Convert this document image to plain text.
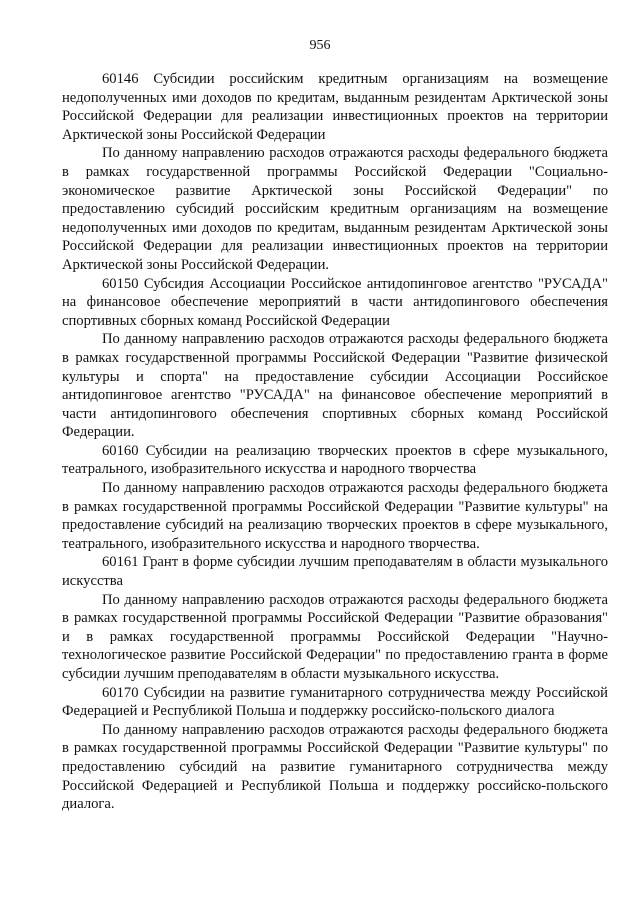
956

60146 Субсидии российским кредитным организациям на возмещение недополученных ими доходов по кредитам, выданным резидентам Арктической зоны Российской Федерации для реализации инвестиционных проектов на территории Арктической зоны Российской Федерации

По данному направлению расходов отражаются расходы федерального бюджета в рамках государственной программы Российской Федерации "Социально-экономическое развитие Арктической зоны Российской Федерации" по предоставлению субсидий российским кредитным организациям на возмещение недополученных ими доходов по кредитам, выданным резидентам Арктической зоны Российской Федерации для реализации инвестиционных проектов на территории Арктической зоны Российской Федерации.

60150 Субсидия Ассоциации Российское антидопинговое агентство "РУСАДА" на финансовое обеспечение мероприятий в части антидопингового обеспечения спортивных сборных команд Российской Федерации

По данному направлению расходов отражаются расходы федерального бюджета в рамках государственной программы Российской Федерации "Развитие физической культуры и спорта" на предоставление субсидии Ассоциации Российское антидопинговое агентство "РУСАДА" на финансовое обеспечение мероприятий в части антидопингового обеспечения спортивных сборных команд Российской Федерации.

60160 Субсидии на реализацию творческих проектов в сфере музыкального, театрального, изобразительного искусства и народного творчества

По данному направлению расходов отражаются расходы федерального бюджета в рамках государственной программы Российской Федерации "Развитие культуры" на предоставление субсидий на реализацию творческих проектов в сфере музыкального, театрального, изобразительного искусства и народного творчества.

60161 Грант в форме субсидии лучшим преподавателям в области музыкального искусства

По данному направлению расходов отражаются расходы федерального бюджета в рамках государственной программы Российской Федерации "Развитие образования" и в рамках государственной программы Российской Федерации "Научно-технологическое развитие Российской Федерации" по предоставлению гранта в форме субсидии лучшим преподавателям в области музыкального искусства.

60170 Субсидии на развитие гуманитарного сотрудничества между Российской Федерацией и Республикой Польша и поддержку российско-польского диалога

По данному направлению расходов отражаются расходы федерального бюджета в рамках государственной программы Российской Федерации "Развитие культуры" по предоставлению субсидий на развитие гуманитарного сотрудничества между Российской Федерацией и Республикой Польша и поддержку российско-польского диалога.
